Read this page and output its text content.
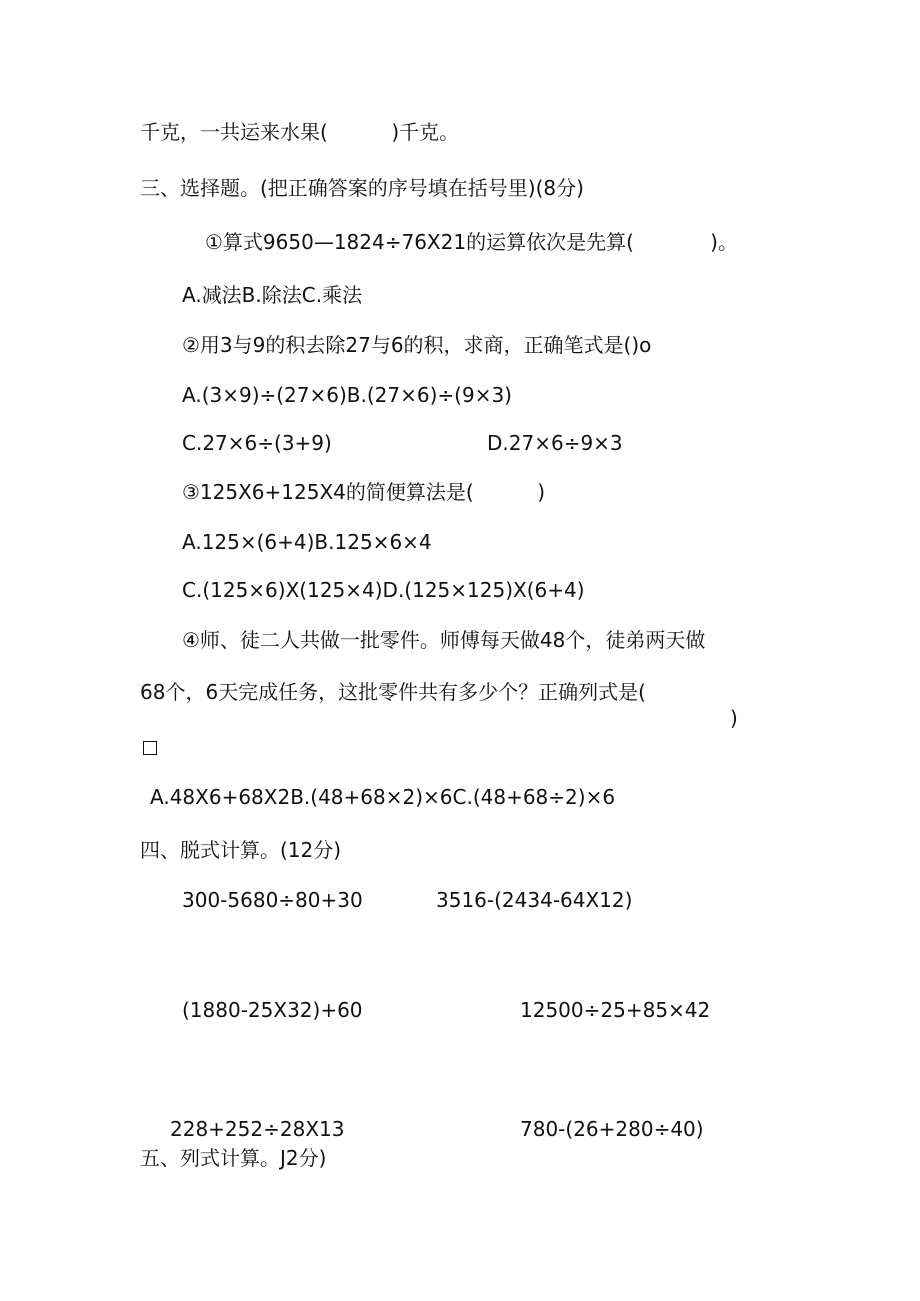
千克，一共运来水果(          )千克。
三、选择题。(把正确答案的序号填在括号里)(8分)
①算式9650—1824÷76X21的运算依次是先算(            )。
A.减法B.除法C.乘法
②用3与9的积去除27与6的积，求商，正确笔式是()o
A.(3×9)÷(27×6)B.(27×6)÷(9×3)
C.27×6÷(3+9)	D.27×6÷9×3
③125X6+125X4的简便算法是(          )
A.125×(6+4)B.125×6×4
C.(125×6)X(125×4)D.(125×125)X(6+4)
④师、徒二人共做一批零件。师傅每天做48个，徒弟两天做
68个，6天完成任务，这批零件共有多少个？正确列式是(
)
A.48X6+68X2B.(48+68×2)×6C.(48+68÷2)×6
四、脱式计算。(12分)
300-5680÷80+30	3516-(2434-64X12)
(1880-25X32)+60	12500÷25+85×42
228+252÷28X13	780-(26+280÷40)
五、列式计算。J2分)
